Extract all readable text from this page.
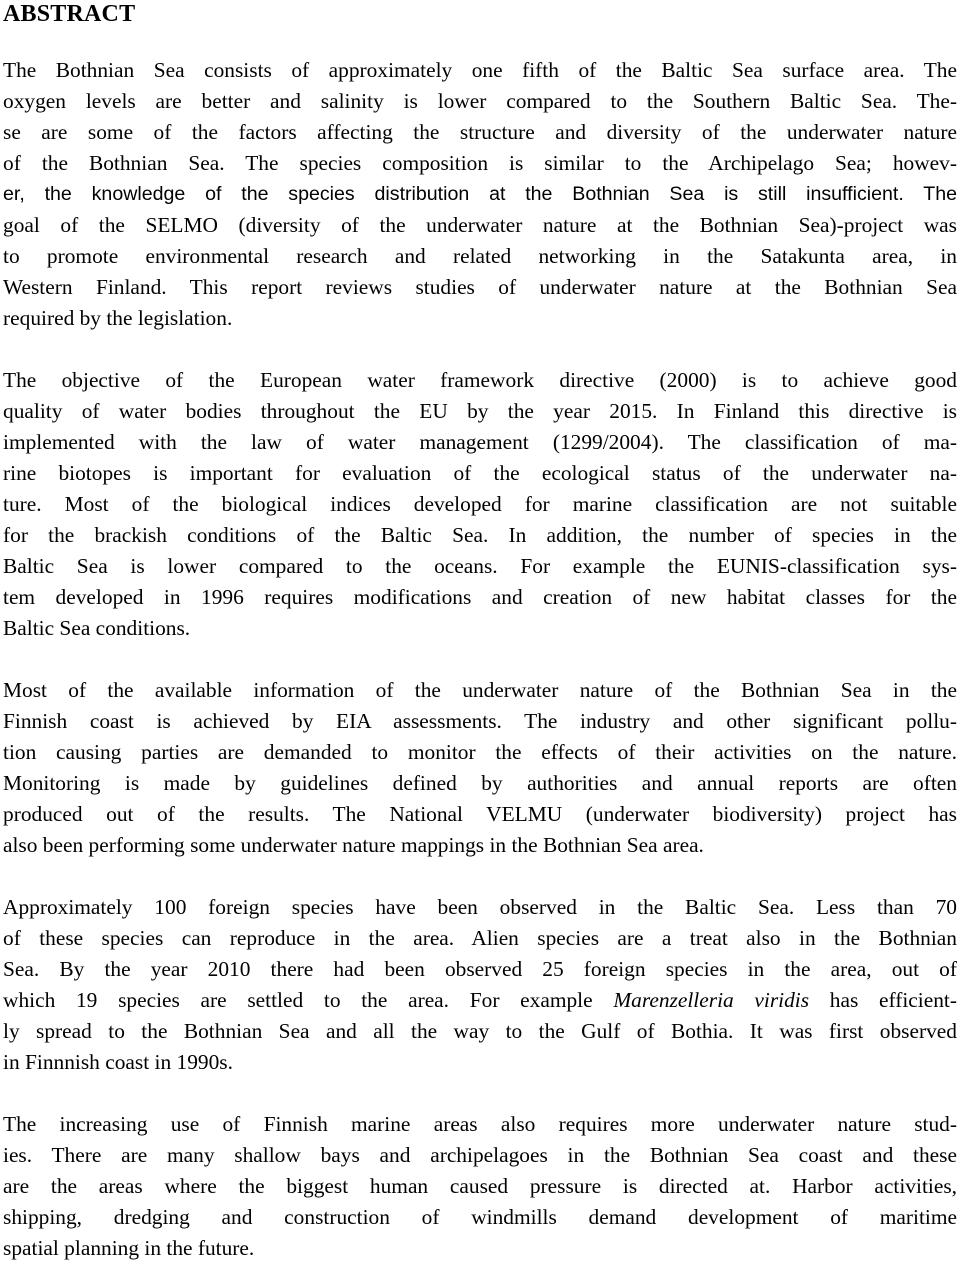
ABSTRACT

The Bothnian Sea consists of approximately one fifth of the Baltic Sea surface area. The
oxygen levels are better and salinity is lower compared to the Southern Baltic Sea. The-
se are some of the factors affecting the structure and diversity of the underwater nature
of the Bothnian Sea. The species composition is similar to the Archipelago Sea; howev-
er, the knowledge of the species distribution at the Bothnian Sea is still insufficient. The
goal of the SELMO (diversity of the underwater nature at the Bothnian Sea)-project was
to promote environmental research and related networking in the Satakunta area, in
Western Finland. This report reviews studies of underwater nature at the Bothnian Sea
required by the legislation.

The objective of the European water framework directive (2000) is to achieve good
quality of water bodies throughout the EU by the year 2015. In Finland this directive is
implemented with the law of water management (1299/2004). The classification of ma-
rine biotopes is important for evaluation of the ecological status of the underwater na-
ture. Most of the biological indices developed for marine classification are not suitable
for the brackish conditions of the Baltic Sea. In addition, the number of species in the
Baltic Sea is lower compared to the oceans. For example the EUNIS-classification sys-
tem developed in 1996 requires modifications and creation of new habitat classes for the
Baltic Sea conditions.

Most of the available information of the underwater nature of the Bothnian Sea in the
Finnish coast is achieved by EIA assessments. The industry and other significant pollu-
tion causing parties are demanded to monitor the effects of their activities on the nature.
Monitoring is made by guidelines defined by authorities and annual reports are often
produced out of the results. The National VELMU (underwater biodiversity) project has
also been performing some underwater nature mappings in the Bothnian Sea area.

Approximately 100 foreign species have been observed in the Baltic Sea. Less than 70
of these species can reproduce in the area. Alien species are a treat also in the Bothnian
Sea. By the year 2010 there had been observed 25 foreign species in the area, out of
which 19 species are settled to the area. For example Marenzelleria viridis has efficient-
ly spread to the Bothnian Sea and all the way to the Gulf of Bothia. It was first observed
in Finnnish coast in 1990s.

The increasing use of Finnish marine areas also requires more underwater nature stud-
ies. There are many shallow bays and archipelagoes in the Bothnian Sea coast and these
are the areas where the biggest human caused pressure is directed at. Harbor activities,
shipping, dredging and construction of windmills demand development of maritime
spatial planning in the future.
